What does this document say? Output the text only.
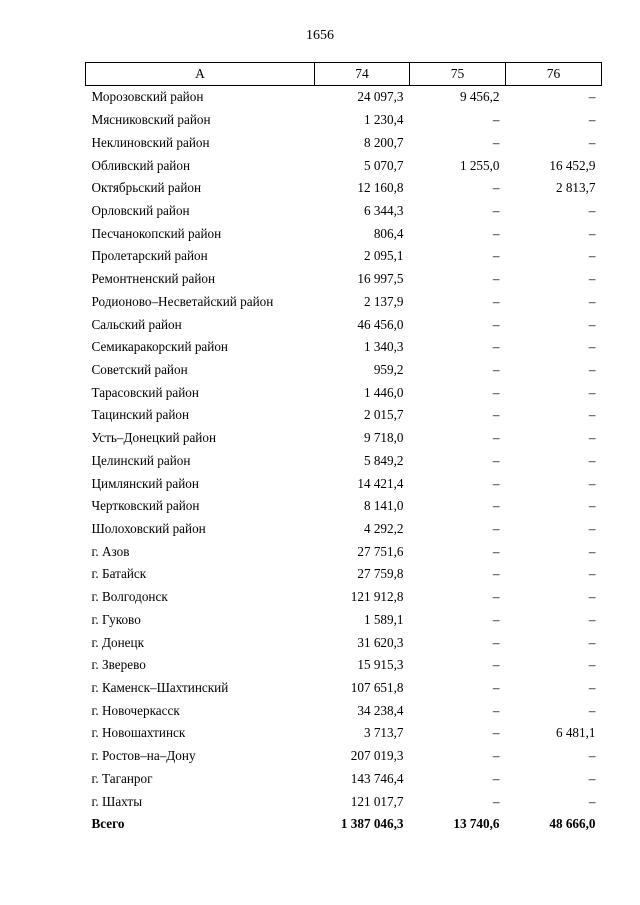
1656
А	74	75	76
Морозовский район	24 097,3	9 456,2	–
Мясниковский район	1 230,4	–	–
Неклиновский район	8 200,7	–	–
Обливский район	5 070,7	1 255,0	16 452,9
Октябрьский район	12 160,8	–	2 813,7
Орловский район	6 344,3	–	–
Песчанокопский район	806,4	–	–
Пролетарский район	2 095,1	–	–
Ремонтненский район	16 997,5	–	–
Родионово–Несветайский район	2 137,9	–	–
Сальский район	46 456,0	–	–
Семикаракорский район	1 340,3	–	–
Советский район	959,2	–	–
Тарасовский район	1 446,0	–	–
Тацинский район	2 015,7	–	–
Усть–Донецкий район	9 718,0	–	–
Целинский район	5 849,2	–	–
Цимлянский район	14 421,4	–	–
Чертковский район	8 141,0	–	–
Шолоховский район	4 292,2	–	–
г. Азов	27 751,6	–	–
г. Батайск	27 759,8	–	–
г. Волгодонск	121 912,8	–	–
г. Гуково	1 589,1	–	–
г. Донецк	31 620,3	–	–
г. Зверево	15 915,3	–	–
г. Каменск–Шахтинский	107 651,8	–	–
г. Новочеркасск	34 238,4	–	–
г. Новошахтинск	3 713,7	–	6 481,1
г. Ростов–на–Дону	207 019,3	–	–
г. Таганрог	143 746,4	–	–
г. Шахты	121 017,7	–	–
Всего	1 387 046,3	13 740,6	48 666,0
